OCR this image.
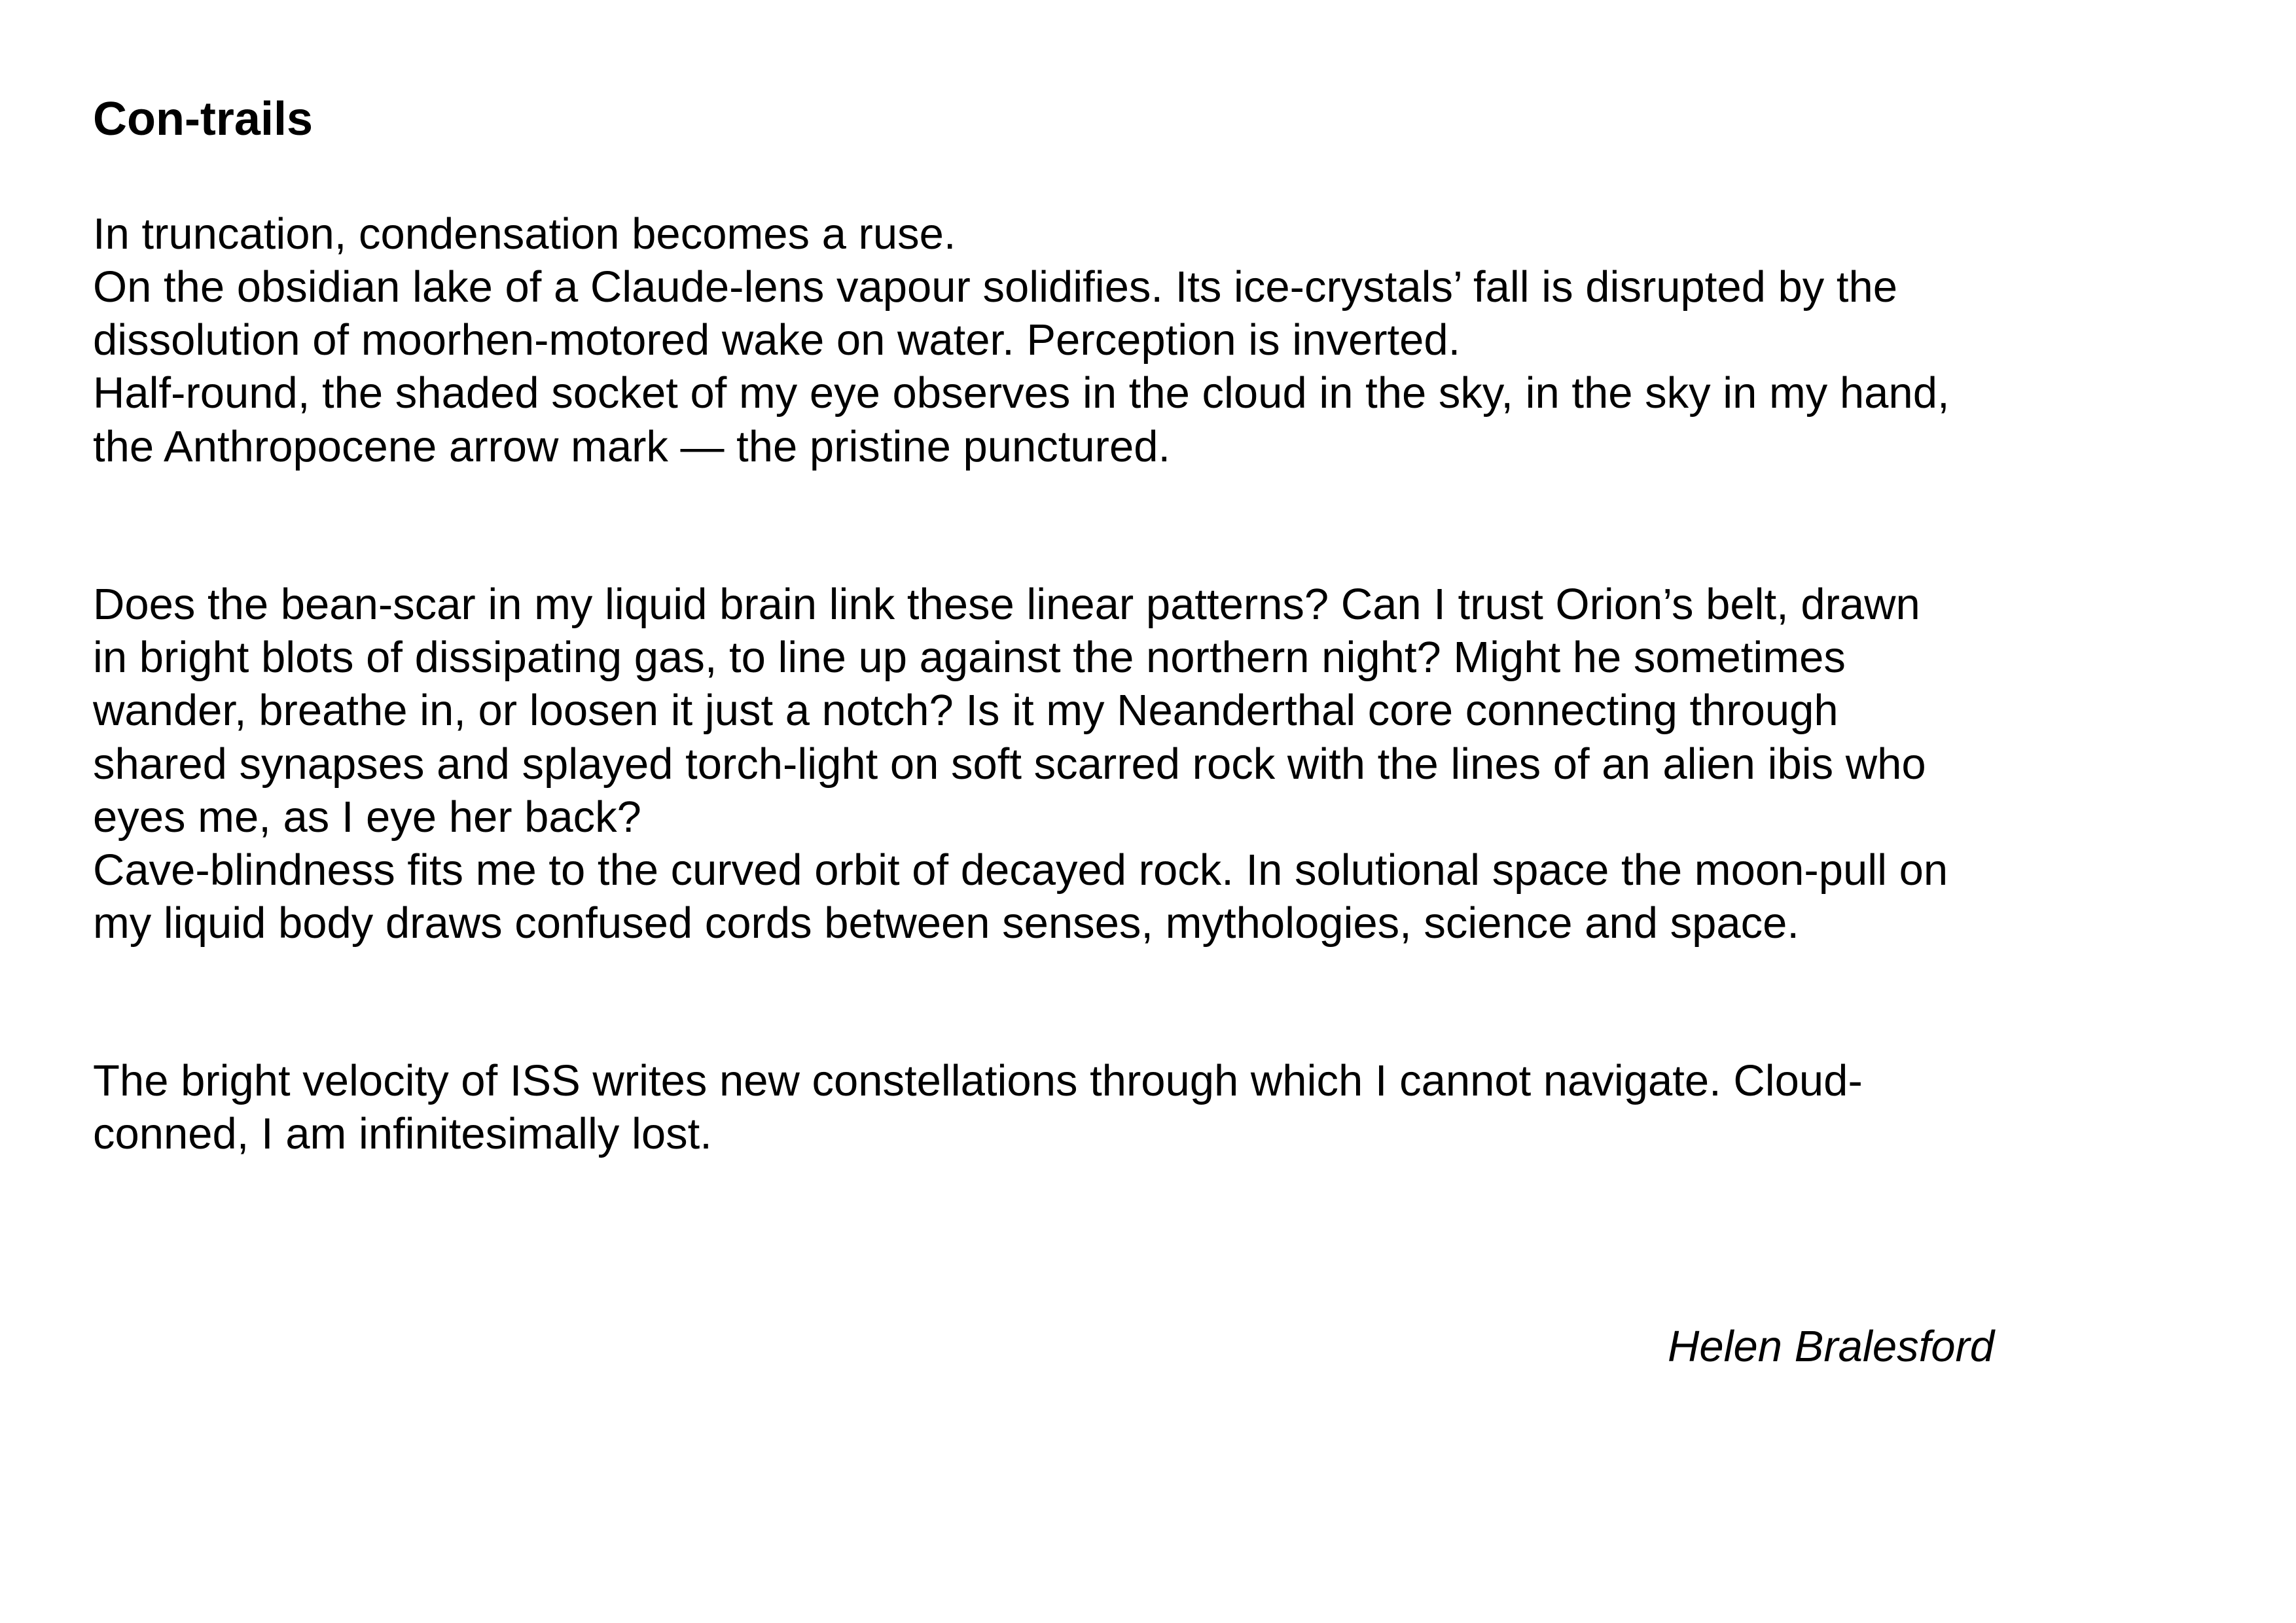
Con-trails

In truncation, condensation becomes a ruse.

On the obsidian lake of a Claude-lens vapour solidifies. Its ice-crystals’ fall is disrupted by the

dissolution of moorhen-motored wake on water. Perception is inverted.

Half-round, the shaded socket of my eye observes in the cloud in the sky, in the sky in my hand,

the Anthropocene arrow mark — the pristine punctured.

Does the bean-scar in my liquid brain link these linear patterns? Can I trust Orion’s belt, drawn

in bright blots of dissipating gas, to line up against the northern night? Might he sometimes

wander, breathe in, or loosen it just a notch? Is it my Neanderthal core connecting through

shared synapses and splayed torch-light on soft scarred rock with the lines of an alien ibis who

eyes me, as I eye her back?

Cave-blindness fits me to the curved orbit of decayed rock. In solutional space the moon-pull on

my liquid body draws confused cords between senses, mythologies, science and space.

The bright velocity of ISS writes new constellations through which I cannot navigate. Cloud-

conned, I am infinitesimally lost.

Helen Bralesford
